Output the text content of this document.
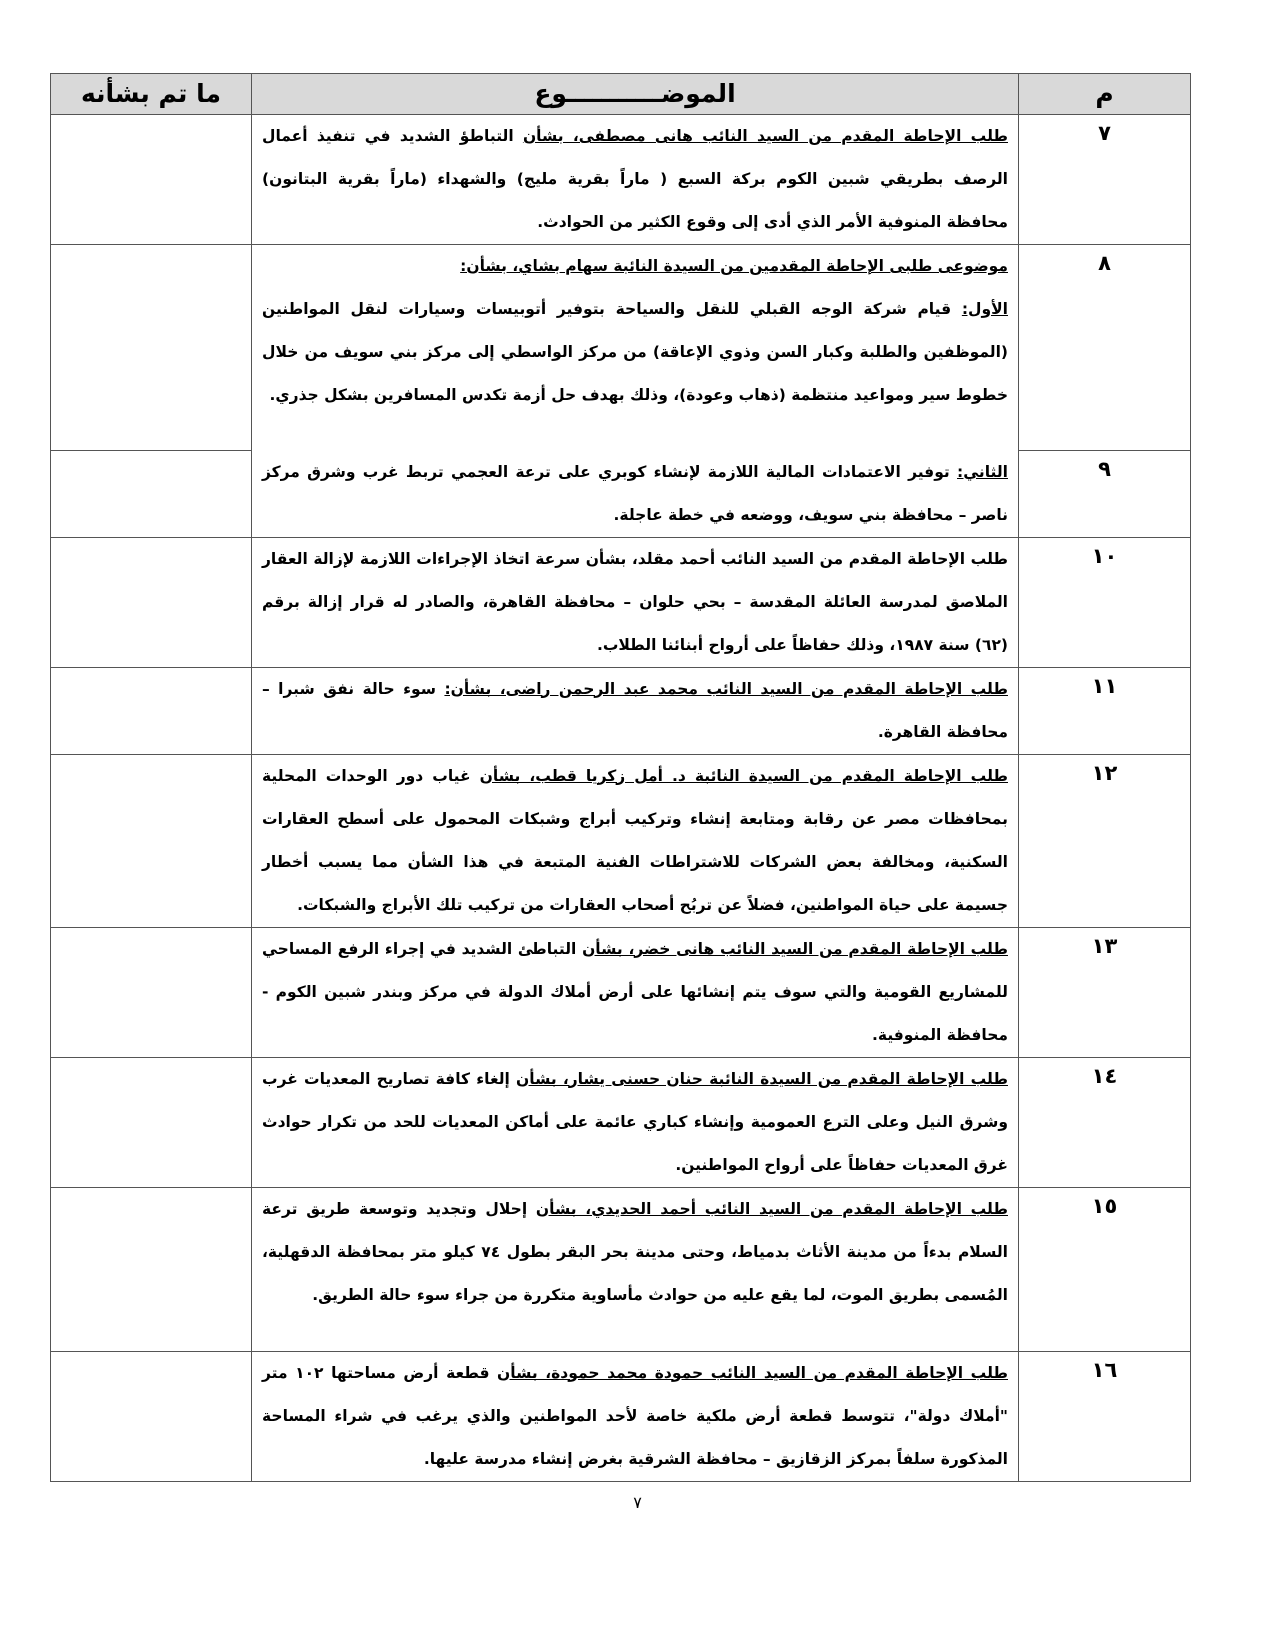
م	الموضـــــــــــوع	ما تم بشأنه
٧	طلب الإحاطة المقدم من السيد النائب هانى مصطفى، بشأن التباطؤ الشديد في تنفيذ أعمال الرصف بطريقي شبين الكوم بركة السبع ( ماراً بقرية مليج) والشهداء (ماراً بقرية البتانون) محافظة المنوفية الأمر الذي أدى إلى وقوع الكثير من الحوادث.	

٨	موضوعى طلبى الإحاطة المقدمين من السيدة النائبة سهام بشاي، بشأن:

الأول: قيام شركة الوجه القبلي للنقل والسياحة بتوفير أتوبيسات وسيارات لنقل المواطنين (الموظفين والطلبة وكبار السن وذوي الإعاقة) من مركز الواسطي إلى مركز بني سويف من خلال خطوط سير ومواعيد منتظمة (ذهاب وعودة)، وذلك بهدف حل أزمة تكدس المسافرين بشكل جذري.	

٩	الثاني: توفير الاعتمادات المالية اللازمة لإنشاء كوبري على ترعة العجمي تربط غرب وشرق مركز ناصر – محافظة بني سويف، ووضعه في خطة عاجلة.	

١٠	طلب الإحاطة المقدم من السيد النائب أحمد مقلد، بشأن سرعة اتخاذ الإجراءات اللازمة لإزالة العقار الملاصق لمدرسة العائلة المقدسة – بحي حلوان – محافظة القاهرة، والصادر له قرار إزالة برقم (٦٢) سنة ١٩٨٧، وذلك حفاظاً على أرواح أبنائنا الطلاب.	

١١	طلب الإحاطة المقدم من السيد النائب محمد عبد الرحمن راضى، بشأن: سوء حالة نفق شبرا – محافظة القاهرة.	

١٢	طلب الإحاطة المقدم من السيدة النائبة د. أمل زكريا قطب، بشأن غياب دور الوحدات المحلية بمحافظات مصر عن رقابة ومتابعة إنشاء وتركيب أبراج وشبكات المحمول على أسطح العقارات السكنية، ومخالفة بعض الشركات للاشتراطات الفنية المتبعة في هذا الشأن مما يسبب أخطار جسيمة على حياة المواطنين، فضلاً عن تربُح أصحاب العقارات من تركيب تلك الأبراج والشبكات.	

١٣	طلب الإحاطة المقدم من السيد النائب هانى خضر، بشأن التباطئ الشديد في إجراء الرفع المساحي للمشاريع القومية والتي سوف يتم إنشائها على أرض أملاك الدولة في مركز وبندر شبين الكوم - محافظة المنوفية.	

١٤	طلب الإحاطة المقدم من السيدة النائبة حنان حسنى يشار، بشأن إلغاء كافة تصاريح المعديات غرب وشرق النيل وعلى الترع العمومية وإنشاء كباري عائمة على أماكن المعديات للحد من تكرار حوادث غرق المعديات حفاظاً على أرواح المواطنين.	

١٥	طلب الإحاطة المقدم من السيد النائب أحمد الحديدي، بشأن إحلال وتجديد وتوسعة طريق ترعة السلام بدءاً من مدينة الأثاث بدمياط، وحتى مدينة بحر البقر بطول ٧٤ كيلو متر بمحافظة الدقهلية، المُسمى بطريق الموت، لما يقع عليه من حوادث مأساوية متكررة من جراء سوء حالة الطريق.	

١٦	طلب الإحاطة المقدم من السيد النائب حمودة محمد حمودة، بشأن قطعة أرض مساحتها ١٠٢ متر "أملاك دولة"، تتوسط قطعة أرض ملكية خاصة لأحد المواطنين والذي يرغب في شراء المساحة المذكورة سلفاً بمركز الزقازيق – محافظة الشرقية بغرض إنشاء مدرسة عليها.	

٧
